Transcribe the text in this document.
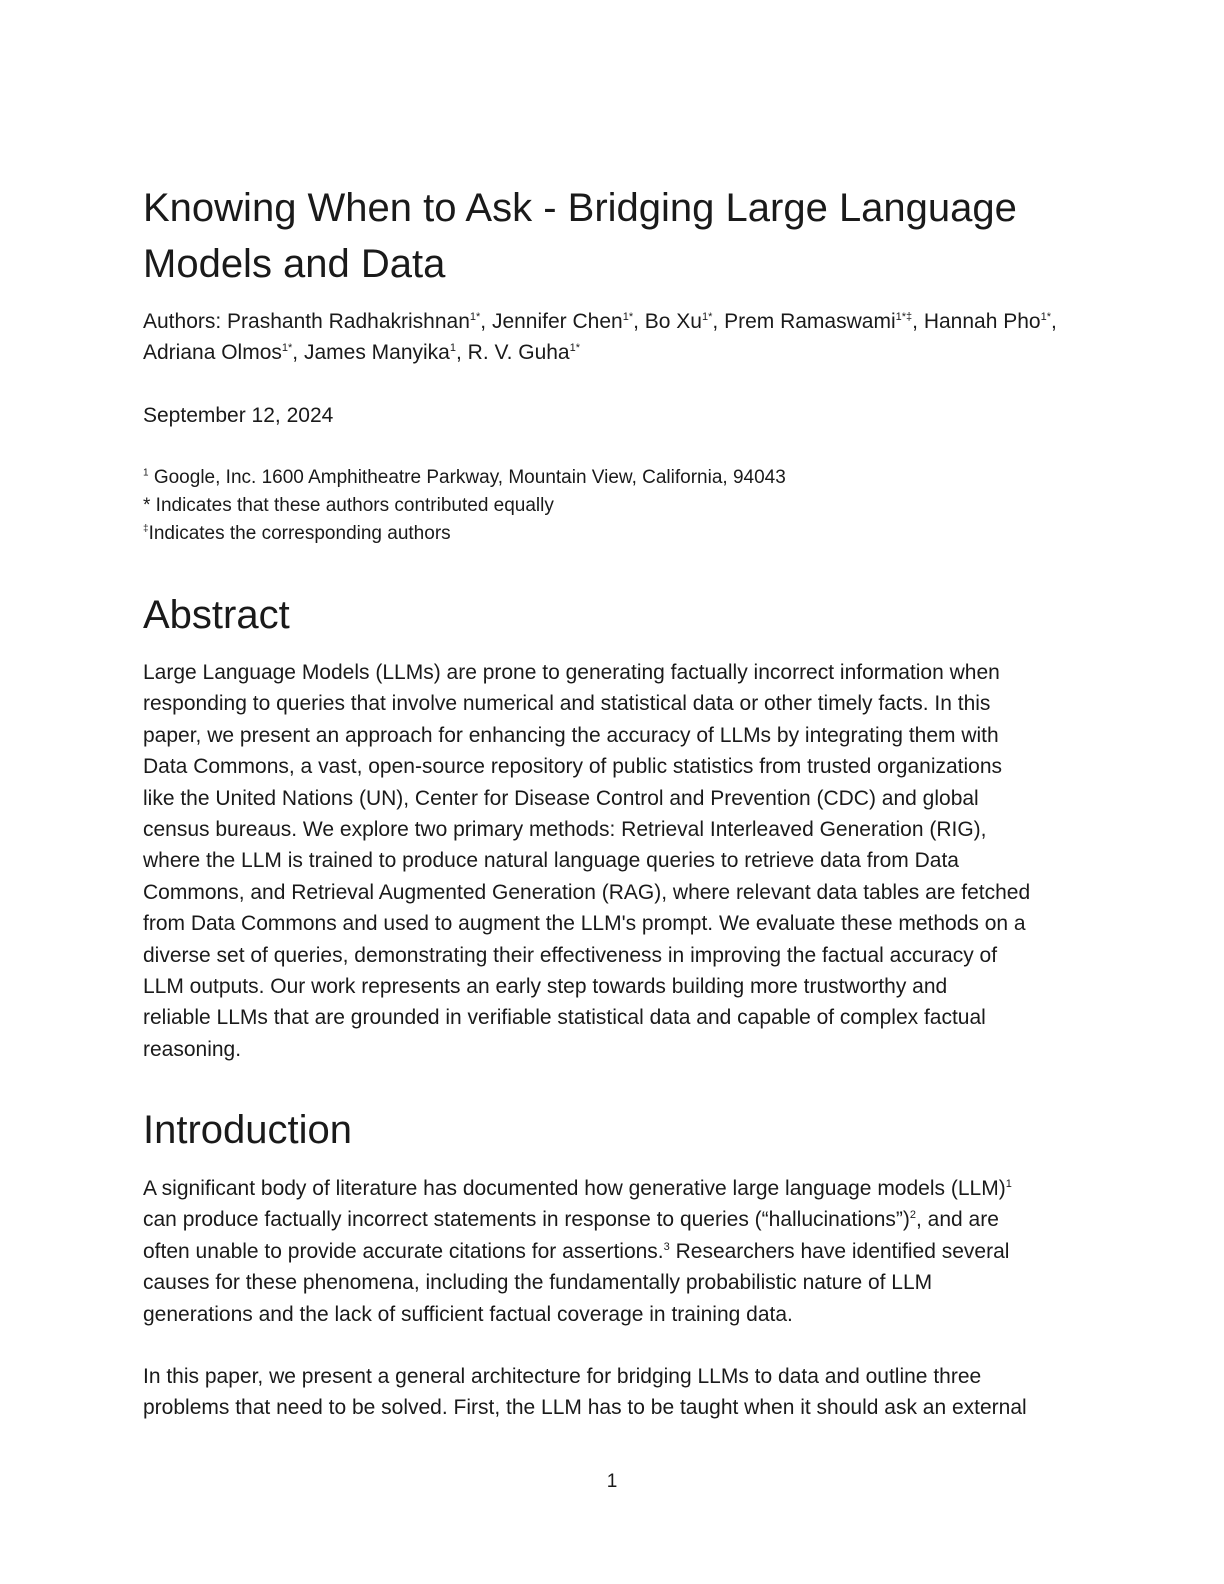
Knowing When to Ask - Bridging Large Language
Models and Data

Authors: Prashanth Radhakrishnan$^{1*}$, Jennifer Chen$^{1*}$, Bo $Xu^{1*}$, Prem Ramaswami$^{1*\ddagger}$, Hannah Pho$^{1*}$, Adriana Olmos$^{1*}$, James Manyika$^1$, R. V. Guha$^{1*}$

September 12, 2024

$^1$ Google, Inc. 1600 Amphitheatre Parkway, Mountain View, California, 94043
* Indicates that these authors contributed equally
‡Indicates the corresponding authors
Abstract

Large Language Models (LLMs) are prone to generating factually incorrect information when
responding to queries that involve numerical and statistical data or other timely facts. In this
paper, we present an approach for enhancing the accuracy of LLMs by integrating them with
Data Commons, a vast, open-source repository of public statistics from trusted organizations
like the United Nations (UN), Center for Disease Control and Prevention (CDC) and global
census bureaus. We explore two primary methods: Retrieval Interleaved Generation (RIG),
where the LLM is trained to produce natural language queries to retrieve data from Data
Commons, and Retrieval Augmented Generation (RAG), where relevant data tables are fetched
from Data Commons and used to augment the LLM's prompt. We evaluate these methods on a
diverse set of queries, demonstrating their effectiveness in improving the factual accuracy of
LLM outputs. Our work represents an early step towards building more trustworthy and
reliable LLMs that are grounded in verifiable statistical data and capable of complex factual
reasoning.

Introduction

A significant body of literature has documented how generative large language models (LLM)$^1$
can produce factually incorrect statements in response to queries (“hallucinations”)$^2$, and are
often unable to provide accurate citations for assertions.$^3$ Researchers have identified several
causes for these phenomena, including the fundamentally probabilistic nature of LLM
generations and the lack of sufficient factual coverage in training data.

In this paper, we present a general architecture for bridging LLMs to data and outline three
problems that need to be solved. First, the LLM has to be taught when it should ask an external

1
